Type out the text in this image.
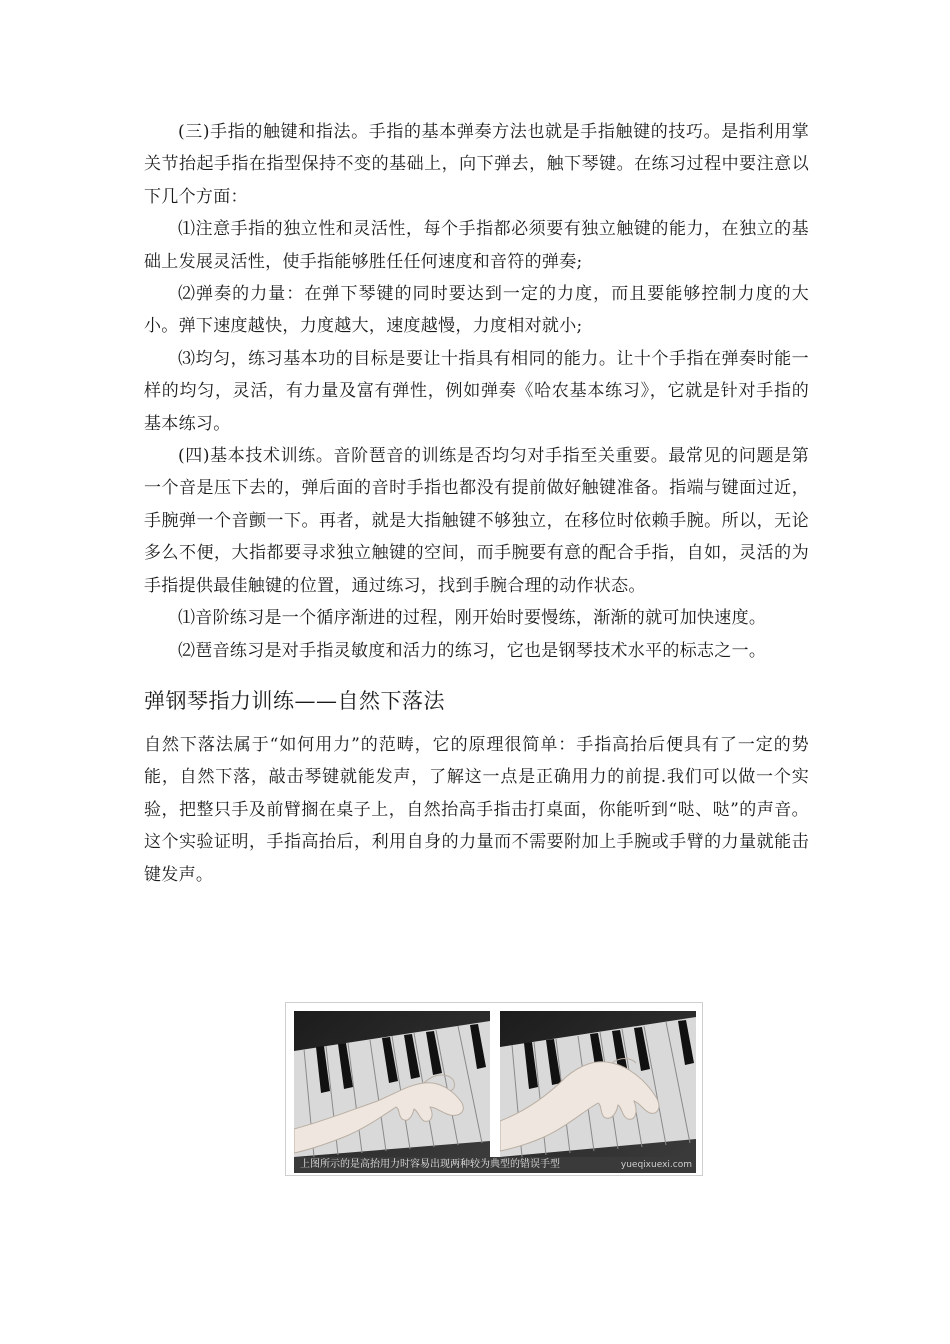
(三)手指的触键和指法。手指的基本弹奏方法也就是手指触键的技巧。是指利用掌关节抬起手指在指型保持不变的基础上，向下弹去，触下琴键。在练习过程中要注意以下几个方面：

⑴注意手指的独立性和灵活性，每个手指都必须要有独立触键的能力，在独立的基础上发展灵活性，使手指能够胜任任何速度和音符的弹奏;

⑵弹奏的力量：在弹下琴键的同时要达到一定的力度，而且要能够控制力度的大小。弹下速度越快，力度越大，速度越慢，力度相对就小;

⑶均匀，练习基本功的目标是要让十指具有相同的能力。让十个手指在弹奏时能一样的均匀，灵活，有力量及富有弹性，例如弹奏《哈农基本练习》，它就是针对手指的基本练习。

(四)基本技术训练。音阶琶音的训练是否均匀对手指至关重要。最常见的问题是第一个音是压下去的，弹后面的音时手指也都没有提前做好触键准备。指端与键面过近，手腕弹一个音颤一下。再者，就是大指触键不够独立，在移位时依赖手腕。所以，无论多么不便，大指都要寻求独立触键的空间，而手腕要有意的配合手指，自如，灵活的为手指提供最佳触键的位置，通过练习，找到手腕合理的动作状态。

⑴音阶练习是一个循序渐进的过程，刚开始时要慢练，渐渐的就可加快速度。

⑵琶音练习是对手指灵敏度和活力的练习，它也是钢琴技术水平的标志之一。

弹钢琴指力训练——自然下落法

自然下落法属于“如何用力”的范畴，它的原理很简单：手指高抬后便具有了一定的势能，自然下落，敲击琴键就能发声，了解这一点是正确用力的前提.我们可以做一个实验，把整只手及前臂搁在桌子上，自然抬高手指击打桌面，你能听到“哒、哒”的声音。这个实验证明，手指高抬后，利用自身的力量而不需要附加上手腕或手臂的力量就能击键发声。

上图所示的是高抬用力时容易出现两种较为典型的错误手型	yueqixuexi.com
